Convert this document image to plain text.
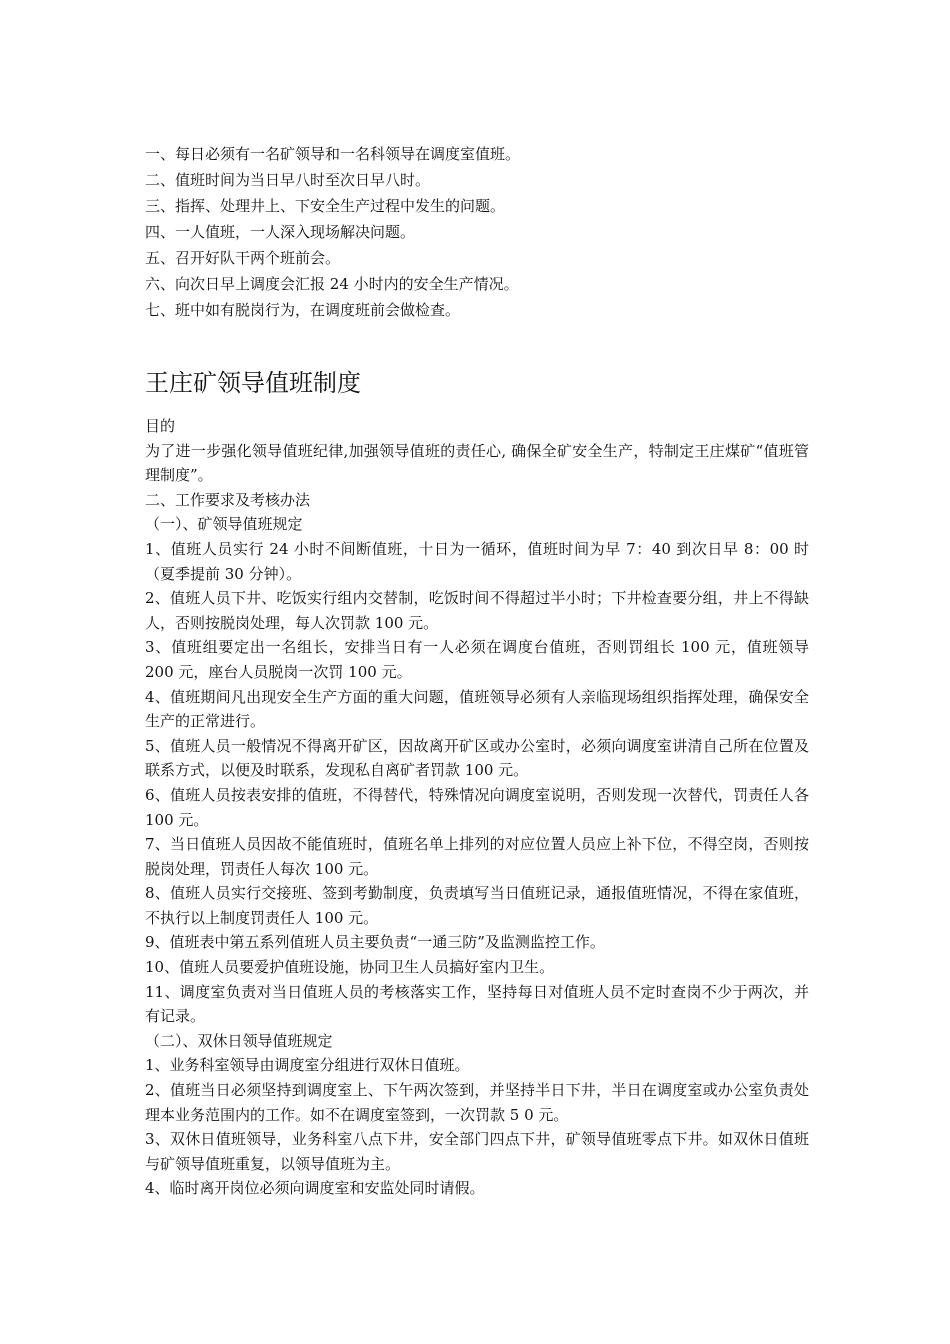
一、每日必须有一名矿领导和一名科领导在调度室值班。

二、值班时间为当日早八时至次日早八时。

三、指挥、处理井上、下安全生产过程中发生的问题。

四、一人值班，一人深入现场解决问题。

五、召开好队干两个班前会。

六、向次日早上调度会汇报 24 小时内的安全生产情况。

七、班中如有脱岗行为，在调度班前会做检查。

王庄矿领导值班制度

目的

为了进一步强化领导值班纪律,加强领导值班的责任心, 确保全矿安全生产，特制定王庄煤矿“值班管理制度”。

二、工作要求及考核办法

（一）、矿领导值班规定

1、值班人员实行 24 小时不间断值班，十日为一循环，值班时间为早 7：40 到次日早 8：00 时（夏季提前 30 分钟）。

2、值班人员下井、吃饭实行组内交替制，吃饭时间不得超过半小时；下井检查要分组，井上不得缺人，否则按脱岗处理，每人次罚款 100 元。

3、值班组要定出一名组长，安排当日有一人必须在调度台值班，否则罚组长 100 元，值班领导 200 元，座台人员脱岗一次罚 100 元。

4、值班期间凡出现安全生产方面的重大问题，值班领导必须有人亲临现场组织指挥处理，确保安全生产的正常进行。

5、值班人员一般情况不得离开矿区，因故离开矿区或办公室时，必须向调度室讲清自己所在位置及联系方式，以便及时联系，发现私自离矿者罚款 100 元。

6、值班人员按表安排的值班，不得替代，特殊情况向调度室说明，否则发现一次替代，罚责任人各 100 元。

7、当日值班人员因故不能值班时，值班名单上排列的对应位置人员应上补下位，不得空岗，否则按脱岗处理，罚责任人每次 100 元。

8、值班人员实行交接班、签到考勤制度，负责填写当日值班记录，通报值班情况，不得在家值班，不执行以上制度罚责任人 100 元。

9、值班表中第五系列值班人员主要负责“一通三防”及监测监控工作。

10、值班人员要爱护值班设施，协同卫生人员搞好室内卫生。

11、调度室负责对当日值班人员的考核落实工作，坚持每日对值班人员不定时查岗不少于两次，并有记录。

（二）、双休日领导值班规定

1、业务科室领导由调度室分组进行双休日值班。

2、值班当日必须坚持到调度室上、下午两次签到，并坚持半日下井，半日在调度室或办公室负责处理本业务范围内的工作。如不在调度室签到，一次罚款 5 0 元。

3、双休日值班领导，业务科室八点下井，安全部门四点下井，矿领导值班零点下井。如双休日值班与矿领导值班重复，以领导值班为主。

4、临时离开岗位必须向调度室和安监处同时请假。
